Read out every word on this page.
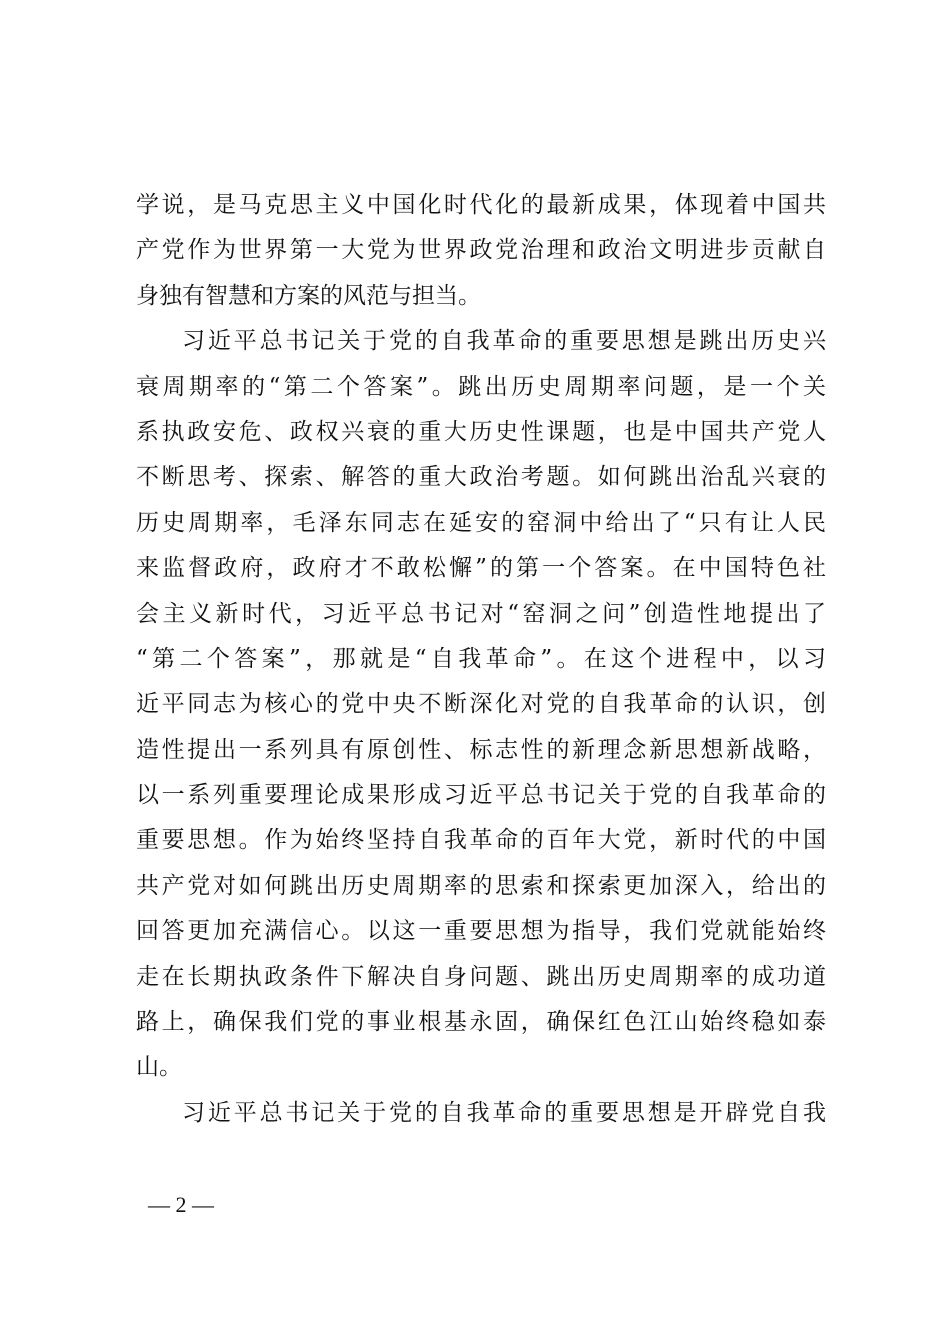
学说，是马克思主义中国化时代化的最新成果，体现着中国共
产党作为世界第一大党为世界政党治理和政治文明进步贡献自
身独有智慧和方案的风范与担当。
习近平总书记关于党的自我革命的重要思想是跳出历史兴
衰周期率的“第二个答案”。跳出历史周期率问题，是一个关
系执政安危、政权兴衰的重大历史性课题，也是中国共产党人
不断思考、探索、解答的重大政治考题。如何跳出治乱兴衰的
历史周期率，毛泽东同志在延安的窑洞中给出了“只有让人民
来监督政府，政府才不敢松懈”的第一个答案。在中国特色社
会主义新时代，习近平总书记对“窑洞之问”创造性地提出了
“第二个答案”，那就是“自我革命”。在这个进程中，以习
近平同志为核心的党中央不断深化对党的自我革命的认识，创
造性提出一系列具有原创性、标志性的新理念新思想新战略，
以一系列重要理论成果形成习近平总书记关于党的自我革命的
重要思想。作为始终坚持自我革命的百年大党，新时代的中国
共产党对如何跳出历史周期率的思索和探索更加深入，给出的
回答更加充满信心。以这一重要思想为指导，我们党就能始终
走在长期执政条件下解决自身问题、跳出历史周期率的成功道
路上，确保我们党的事业根基永固，确保红色江山始终稳如泰
山。
习近平总书记关于党的自我革命的重要思想是开辟党自我
— 2 —
